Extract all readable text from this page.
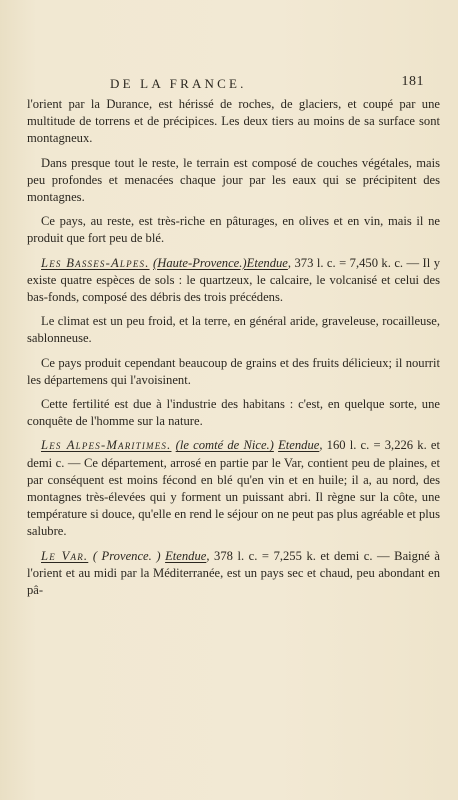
DE LA FRANCE.	181

l'orient par la Durance, est hérissé de roches, de glaciers, et coupé par une multitude de torrens et de précipices. Les deux tiers au moins de sa surface sont montagneux.

Dans presque tout le reste, le terrain est composé de couches végétales, mais peu profondes et menacées chaque jour par les eaux qui se précipitent des montagnes.

Ce pays, au reste, est très-riche en pâturages, en olives et en vin, mais il ne produit que fort peu de blé.

Les Basses-Alpes. (Haute-Provence.)Etendue, 373 l. c. = 7,450 k. c. — Il y existe quatre espèces de sols : le quartzeux, le calcaire, le volcanisé et celui des bas-fonds, composé des débris des trois précédens.

Le climat est un peu froid, et la terre, en général aride, graveleuse, rocailleuse, sablonneuse.

Ce pays produit cependant beaucoup de grains et des fruits délicieux; il nourrit les départemens qui l'avoisinent.

Cette fertilité est due à l'industrie des habitans : c'est, en quelque sorte, une conquête de l'homme sur la nature.

Les Alpes-Maritimes. (le comté de Nice.) Etendue, 160 l. c. = 3,226 k. et demi c. — Ce département, arrosé en partie par le Var, contient peu de plaines, et par conséquent est moins fécond en blé qu'en vin et en huile; il a, au nord, des montagnes très-élevées qui y forment un puissant abri. Il règne sur la côte, une température si douce, qu'elle en rend le séjour on ne peut pas plus agréable et plus salubre.

Le Var. ( Provence. ) Etendue, 378 l. c. = 7,255 k. et demi c. — Baigné à l'orient et au midi par la Méditerranée, est un pays sec et chaud, peu abondant en pâ-
